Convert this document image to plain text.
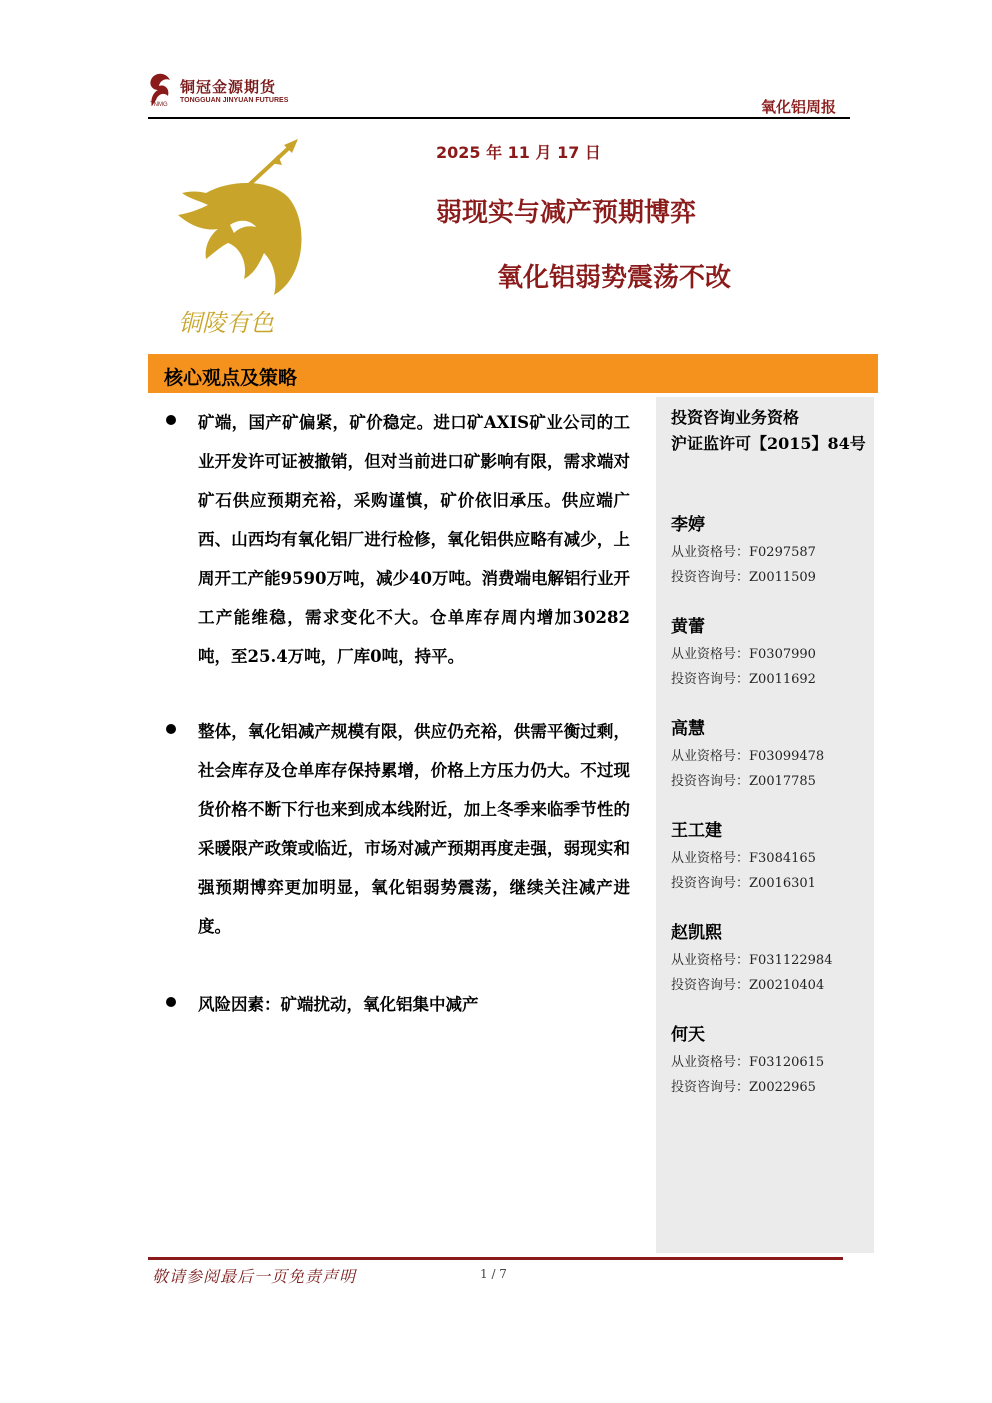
铜冠金源期货
TONGGUAN JINYUAN FUTURES
TNMG	氧化铝周报
铜陵有色
2025 年 11 月 17 日
弱现实与减产预期博弈
氧化铝弱势震荡不改
核心观点及策略
矿端，国产矿偏紧，矿价稳定。进口矿AXIS矿业公司的工业开发许可证被撤销，但对当前进口矿影响有限，需求端对矿石供应预期充裕，采购谨慎，矿价依旧承压。供应端广西、山西均有氧化铝厂进行检修，氧化铝供应略有减少，上周开工产能9590万吨，减少40万吨。消费端电解铝行业开工产能维稳，需求变化不大。仓单库存周内增加30282吨，至25.4万吨，厂库0吨，持平。
整体，氧化铝减产规模有限，供应仍充裕，供需平衡过剩，社会库存及仓单库存保持累增，价格上方压力仍大。不过现货价格不断下行也来到成本线附近，加上冬季来临季节性的采暖限产政策或临近，市场对减产预期再度走强，弱现实和强预期博弈更加明显，氧化铝弱势震荡，继续关注减产进度。
风险因素：矿端扰动，氧化铝集中减产
投资咨询业务资格
沪证监许可【2015】84号
李婷
从业资格号：F0297587
投资咨询号：Z0011509
黄蕾
从业资格号：F0307990
投资咨询号：Z0011692
高慧
从业资格号：F03099478
投资咨询号：Z0017785
王工建
从业资格号：F3084165
投资咨询号：Z0016301
赵凯熙
从业资格号：F031122984
投资咨询号：Z00210404
何天
从业资格号：F03120615
投资咨询号：Z0022965
敬请参阅最后一页免责声明	1 / 7
